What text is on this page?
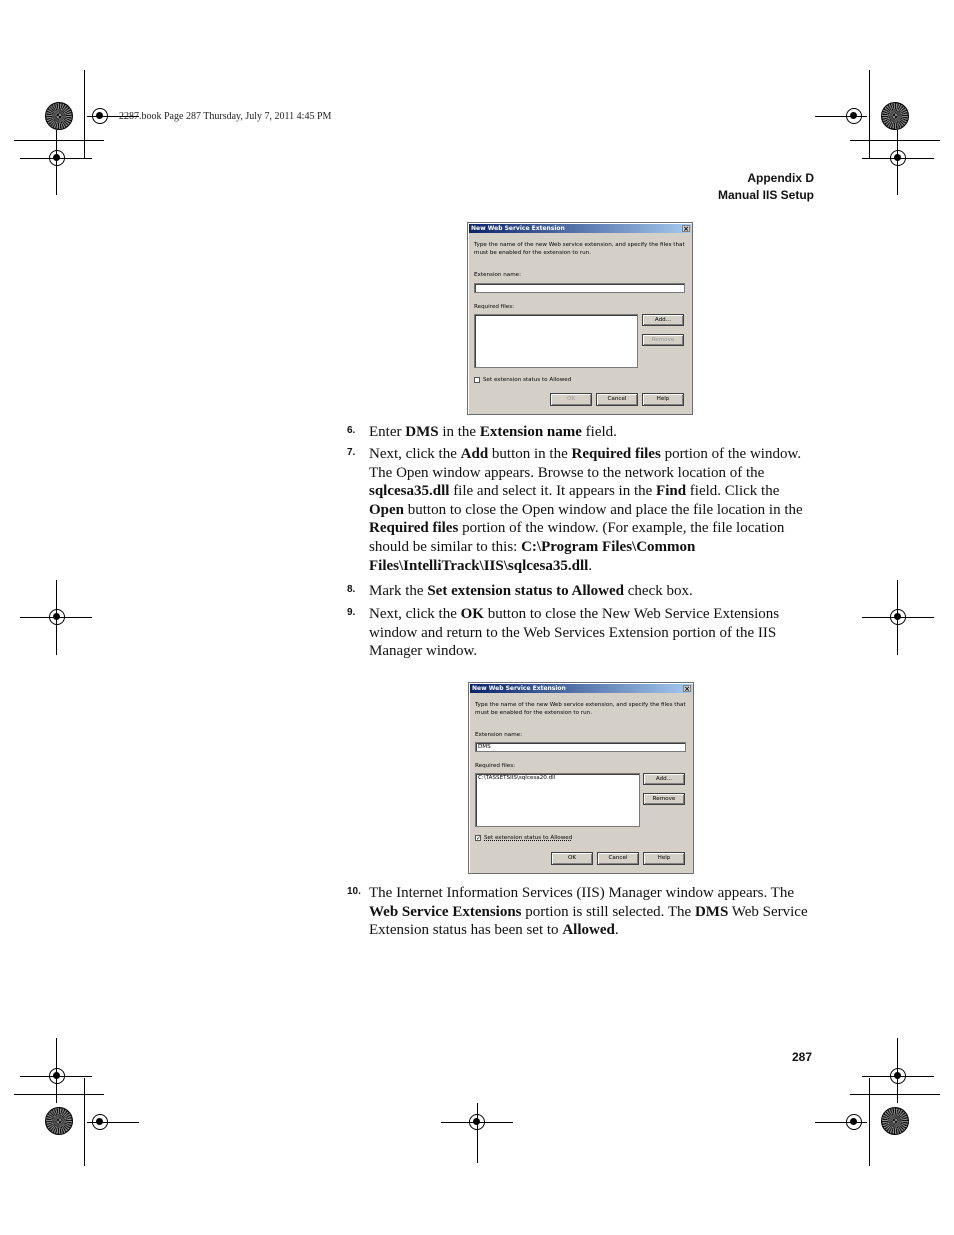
2287.book Page 287 Thursday, July 7, 2011 4:45 PM
Appendix D
Manual IIS Setup
New Web Service Extension	×
Type the name of the new Web service extension, and specify the files that
must be enabled for the extension to run.
Extension name:
Required files:
Add...
Remove
Set extension status to Allowed
OK	Cancel	Help
6. Enter DMS in the Extension name field.
7. Next, click the Add button in the Required files portion of the window. The Open window appears. Browse to the network location of the sqlcesa35.dll file and select it. It appears in the Find field. Click the Open button to close the Open window and place the file location in the Required files portion of the window. (For example, the file location should be similar to this: C:\Program Files\Common Files\IntelliTrack\IIS\sqlcesa35.dll.
8. Mark the Set extension status to Allowed check box.
9. Next, click the OK button to close the New Web Service Extensions window and return to the Web Services Extension portion of the IIS Manager window.
New Web Service Extension	×
Type the name of the new Web service extension, and specify the files that
must be enabled for the extension to run.
Extension name:
DMS
Required files:
C:\TASSETSIIS\sqlcesa20.dll	Add...
Remove
✓ Set extension status to Allowed
OK	Cancel	Help
10. The Internet Information Services (IIS) Manager window appears. The Web Service Extensions portion is still selected. The DMS Web Service Extension status has been set to Allowed.
287
